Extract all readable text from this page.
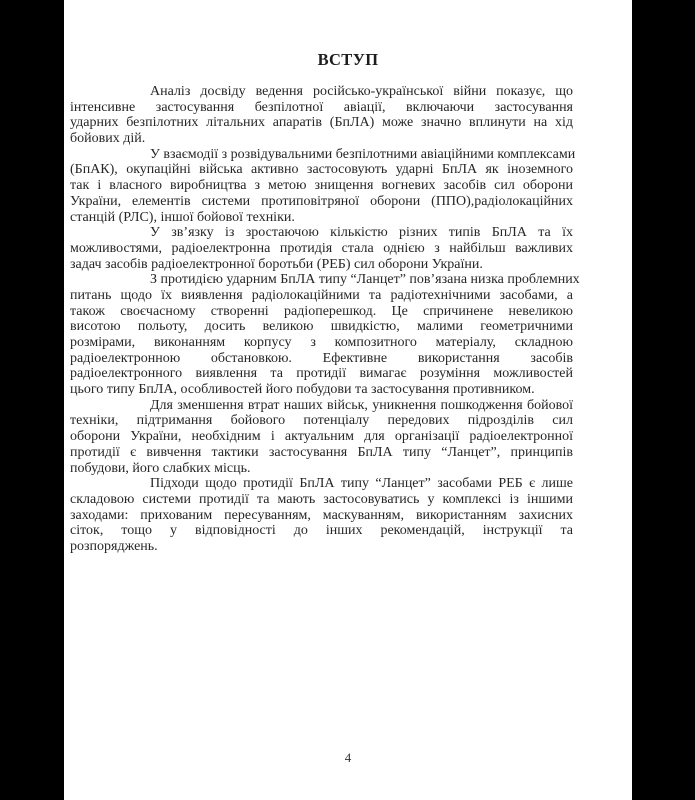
ВСТУП
Аналіз досвіду ведення російсько-української війни показує, що
інтенсивне застосування безпілотної авіації, включаючи застосування
ударних безпілотних літальних апаратів (БпЛА) може значно вплинути на хід
бойових дій.
У взаємодії з розвідувальними безпілотними авіаційними комплексами
(БпАК), окупаційні війська активно застосовують ударні БпЛА як іноземного
так і власного виробництва з метою знищення вогневих засобів сил оборони
України, елементів системи протиповітряної оборони (ППО),радіолокаційних
станцій (РЛС), іншої бойової техніки.
У зв’язку із зростаючою кількістю різних типів БпЛА та їх
можливостями, радіоелектронна протидія стала однією з найбільш важливих
задач засобів радіоелектронної боротьби (РЕБ) сил оборони України.
З протидією ударним БпЛА типу “Ланцет” пов’язана низка проблемних
питань щодо їх виявлення радіолокаційними та радіотехнічними засобами, а
також своєчасному створенні радіоперешкод. Це спричинене невеликою
висотою польоту, досить великою швидкістю, малими геометричними
розмірами, виконанням корпусу з композитного матеріалу, складною
радіоелектронною обстановкою. Ефективне використання засобів
радіоелектронного виявлення та протидії вимагає розуміння можливостей
цього типу БпЛА, особливостей його побудови та застосування противником.
Для зменшення втрат наших військ, уникнення пошкодження бойової
техніки, підтримання бойового потенціалу передових підрозділів сил
оборони України, необхідним і актуальним для організації радіоелектронної
протидії є вивчення тактики застосування БпЛА типу “Ланцет”, принципів
побудови, його слабких місць.
Підходи щодо протидії БпЛА типу “Ланцет” засобами РЕБ є лише
складовою системи протидії та мають застосовуватись у комплексі із іншими
заходами: прихованим пересуванням, маскуванням, використанням захисних
сіток, тощо у відповідності до інших рекомендацій, інструкції та
розпоряджень.
4
